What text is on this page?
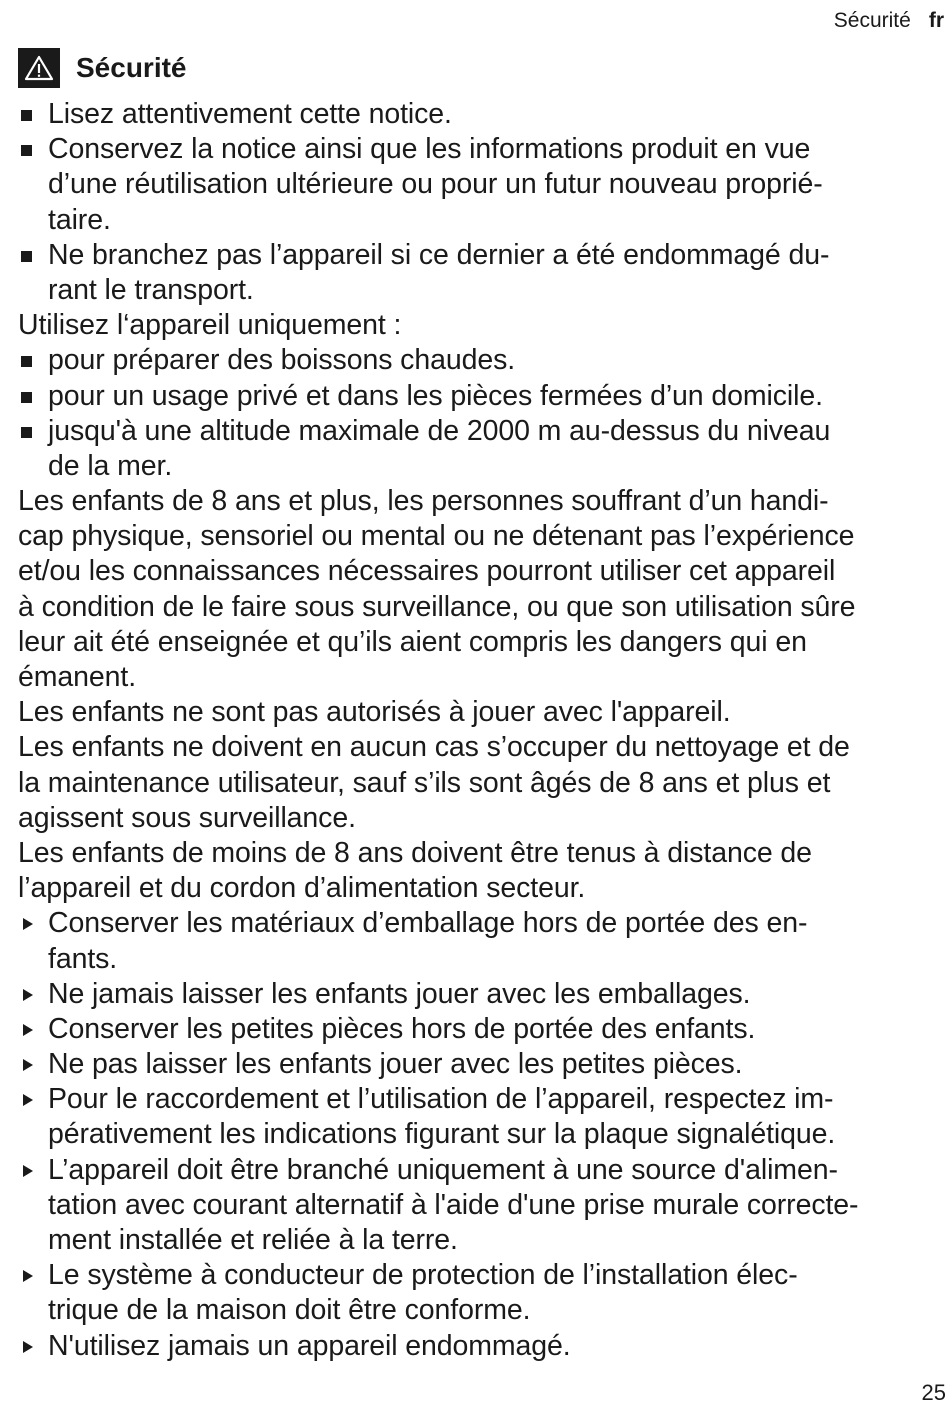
Sécurité fr
Sécurité
Lisez attentivement cette notice.
Conservez la notice ainsi que les informations produit en vue
d’une réutilisation ultérieure ou pour un futur nouveau proprié-
taire.
Ne branchez pas l’appareil si ce dernier a été endommagé du-
rant le transport.
Utilisez l‘appareil uniquement :
pour préparer des boissons chaudes.
pour un usage privé et dans les pièces fermées d’un domicile.
jusqu'à une altitude maximale de 2000 m au-dessus du niveau
de la mer.
Les enfants de 8 ans et plus, les personnes souffrant d’un handi-
cap physique, sensoriel ou mental ou ne détenant pas l’expérience
et/ou les connaissances nécessaires pourront utiliser cet appareil
à condition de le faire sous surveillance, ou que son utilisation sûre
leur ait été enseignée et qu’ils aient compris les dangers qui en
émanent.
Les enfants ne sont pas autorisés à jouer avec l'appareil.
Les enfants ne doivent en aucun cas s’occuper du nettoyage et de
la maintenance utilisateur, sauf s’ils sont âgés de 8 ans et plus et
agissent sous surveillance.
Les enfants de moins de 8 ans doivent être tenus à distance de
l’appareil et du cordon d’alimentation secteur.
Conserver les matériaux d’emballage hors de portée des en-
fants.
Ne jamais laisser les enfants jouer avec les emballages.
Conserver les petites pièces hors de portée des enfants.
Ne pas laisser les enfants jouer avec les petites pièces.
Pour le raccordement et l’utilisation de l’appareil, respectez im-
pérativement les indications figurant sur la plaque signalétique.
L’appareil doit être branché uniquement à une source d'alimen-
tation avec courant alternatif à l'aide d'une prise murale correcte-
ment installée et reliée à la terre.
Le système à conducteur de protection de l’installation élec-
trique de la maison doit être conforme.
N'utilisez jamais un appareil endommagé.
25
